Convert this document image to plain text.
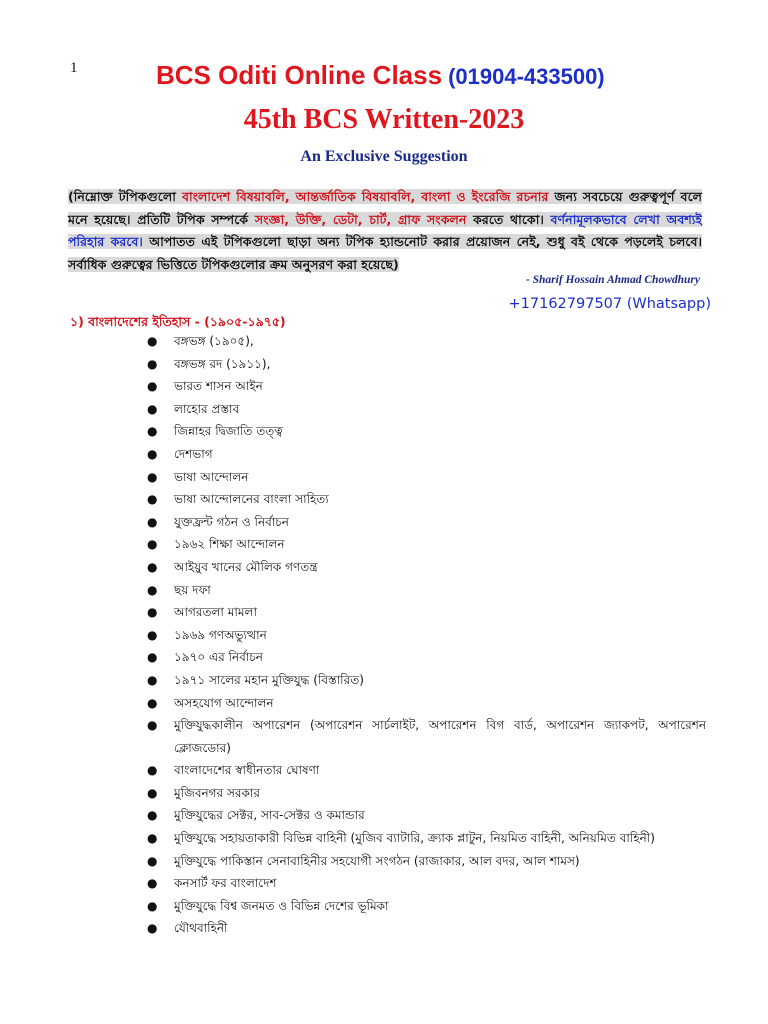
1	BCS Oditi Online Class (01904-433500)
45th BCS Written-2023
An Exclusive Suggestion
(নিম্নোক্ত টপিকগুলো বাংলাদেশ বিষয়াবলি, আন্তর্জাতিক বিষয়াবলি, বাংলা ও ইংরেজি রচনার জন্য সবচেয়ে গুরুত্বপূর্ণ বলে মনে হয়েছে। প্রতিটি টপিক সম্পর্কে সংজ্ঞা, উক্তি, ডেটা, চার্ট, গ্রাফ সংকলন করতে থাকো। বর্ণনামূলকভাবে লেখা অবশ্যই পরিহার করবে। আপাতত এই টপিকগুলো ছাড়া অন্য টপিক হ্যান্ডনোট করার প্রয়োজন নেই, শুধু বই থেকে পড়লেই চলবে। সর্বাধিক গুরুত্বের ভিত্তিতে টপিকগুলোর ক্রম অনুসরণ করা হয়েছে)
- Sharif Hossain Ahmad Chowdhury
+17162797507 (Whatsapp)
১) বাংলাদেশের ইতিহাস - (১৯০৫-১৯৭৫)
● বঙ্গভঙ্গ (১৯০৫),
● বঙ্গভঙ্গ রদ (১৯১১),
● ভারত শাসন আইন
● লাহোর প্রস্তাব
● জিন্নাহর দ্বিজাতি তত্ত্ব
● দেশভাগ
● ভাষা আন্দোলন
● ভাষা আন্দোলনের বাংলা সাহিত্য
● যুক্তফ্রন্ট গঠন ও নির্বাচন
● ১৯৬২ শিক্ষা আন্দোলন
● আইয়ুব খানের মৌলিক গণতন্ত্র
● ছয় দফা
● আগরতলা মামলা
● ১৯৬৯ গণঅভ্যুত্থান
● ১৯৭০ এর নির্বাচন
● ১৯৭১ সালের মহান মুক্তিযুদ্ধ (বিস্তারিত)
● অসহযোগ আন্দোলন
● মুক্তিযুদ্ধকালীন অপারেশন (অপারেশন সার্চলাইট, অপারেশন বিগ বার্ড, অপারেশন জ্যাকপট, অপারেশন ক্লোজডোর)
● বাংলাদেশের স্বাধীনতার ঘোষণা
● মুজিবনগর সরকার
● মুক্তিযুদ্ধের সেক্টর, সাব-সেক্টর ও কমান্ডার
● মুক্তিযুদ্ধে সহায়তাকারী বিভিন্ন বাহিনী (মুজিব ব্যাটারি, ক্র্যাক প্লাটুন, নিয়মিত বাহিনী, অনিয়মিত বাহিনী)
● মুক্তিযুদ্ধে পাকিস্তান সেনাবাহিনীর সহযোগী সংগঠন (রাজাকার, আল বদর, আল শামস)
● কনসার্ট ফর বাংলাদেশ
● মুক্তিযুদ্ধে বিশ্ব জনমত ও বিভিন্ন দেশের ভূমিকা
● যৌথবাহিনী
